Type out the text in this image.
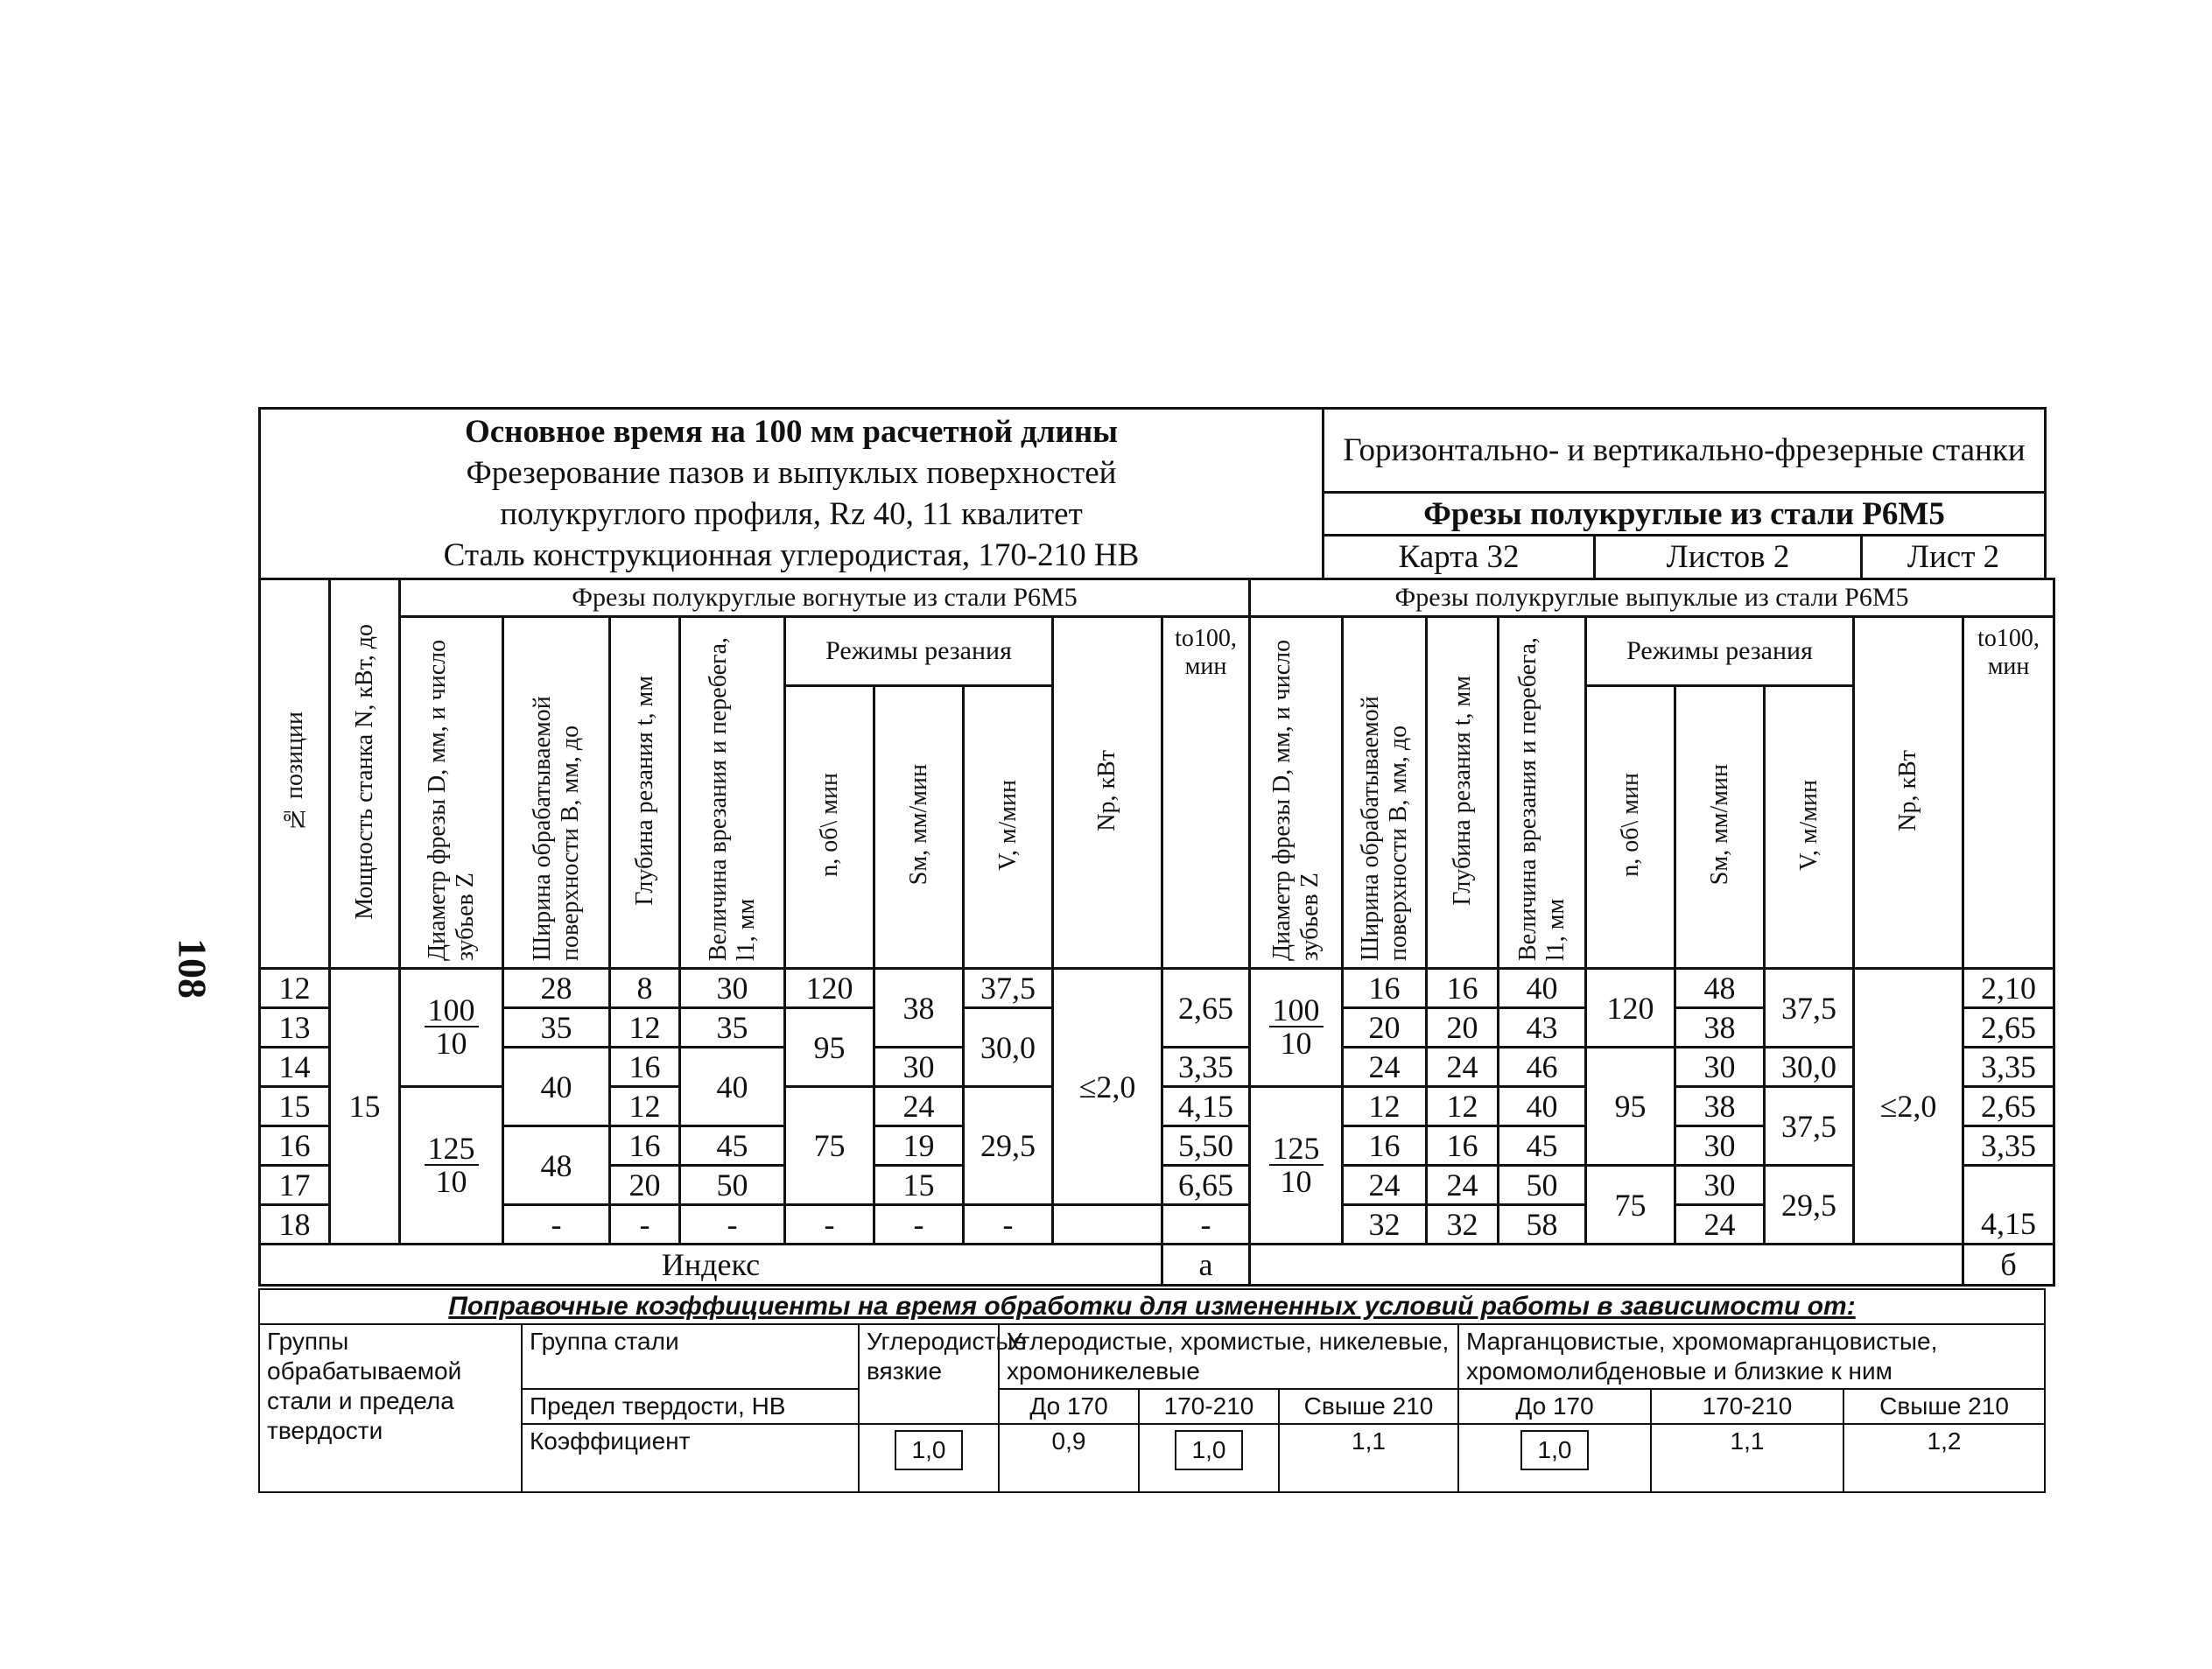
108
Основное время на 100 мм расчетной длины
Фрезерование пазов и выпуклых поверхностей
полукруглого профиля, Rz 40, 11 квалитет
Сталь конструкционная углеродистая, 170-210 НВ	Горизонтально- и вертикально-фрезерные станки		
	Фрезы полукруглые из стали Р6М5		
	Карта 32	Листов 2	Лист 2
№ позиции	Мощность станка N, кВт, до	Фрезы полукруглые вогнутые из стали Р6М5									Фрезы полукруглые выпуклые из стали Р6М5								
		Диаметр фрезы D, мм, и число зубьев Z	Ширина обрабатываемой поверхности B, мм, до	Глубина резания t, мм	Величина врезания и перебега, l1, мм	Режимы резания			Np, кВт	to100, мин	Диаметр фрезы D, мм, и число зубьев Z	Ширина обрабатываемой поверхности B, мм, до	Глубина резания t, мм	Величина врезания и перебега, l1, мм	Режимы резания			Np, кВт	to100, мин
						n, об\ мин	Sм, мм/мин	V, м/мин							n, об\ мин	Sм, мм/мин	V, м/мин		
12	15	$\frac{100}{10}$	28	8	30	120	38	37,5	≤2,0	2,65	$\frac{100}{10}$	16	16	40	120	48	37,5	≤2,0	2,10
13			35	12	35	95		30,0				20	20	43		38			2,65
14			40	16	40		30			3,35		24	24	46	95	30	30,0		3,35
15		$\frac{125}{10}$		12		75	24	29,5		4,15	$\frac{125}{10}$	12	12	40		38	37,5		2,65
16			48	16	45		19			5,50		16	16	45		30			3,35
17				20	50		15			6,65		24	24	50	75	30	29,5		
18			-	-	-	-	-	-		-		32	32	58		24			4,15
Индекс										а									б
Поправочные коэффициенты на время обработки для измененных условий работы в зависимости от:								
Группы обрабатываемой стали и предела твердости	Группа стали	Углеродистые вязкие	Углеродистые, хромистые, никелевые, хромоникелевые			Марганцовистые, хромомарганцовистые, хромомолибденовые и близкие к ним		
	Предел твердости, НВ		До 170	170-210	Свыше 210	До 170	170-210	Свыше 210
	Коэффициент	1,0	0,9	1,0	1,1	1,0	1,1	1,2
